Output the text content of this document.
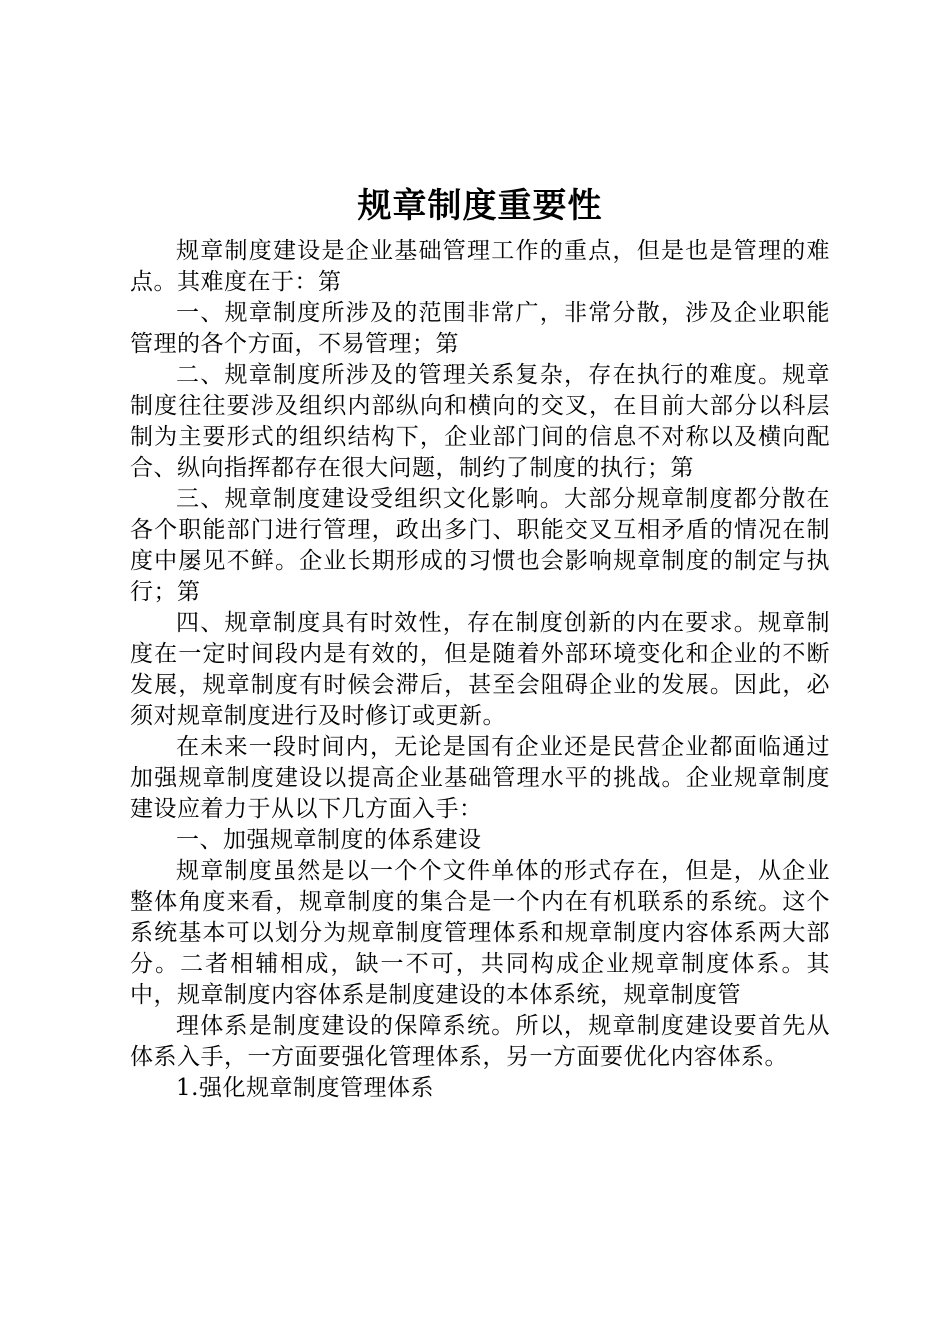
规章制度重要性

规章制度建设是企业基础管理工作的重点，但是也是管理的难点。其难度在于：第

一、规章制度所涉及的范围非常广，非常分散，涉及企业职能管理的各个方面，不易管理；第

二、规章制度所涉及的管理关系复杂，存在执行的难度。规章制度往往要涉及组织内部纵向和横向的交叉，在目前大部分以科层制为主要形式的组织结构下，企业部门间的信息不对称以及横向配合、纵向指挥都存在很大问题，制约了制度的执行；第

三、规章制度建设受组织文化影响。大部分规章制度都分散在各个职能部门进行管理，政出多门、职能交叉互相矛盾的情况在制度中屡见不鲜。企业长期形成的习惯也会影响规章制度的制定与执行；第

四、规章制度具有时效性，存在制度创新的内在要求。规章制度在一定时间段内是有效的，但是随着外部环境变化和企业的不断发展，规章制度有时候会滞后，甚至会阻碍企业的发展。因此，必须对规章制度进行及时修订或更新。

在未来一段时间内，无论是国有企业还是民营企业都面临通过加强规章制度建设以提高企业基础管理水平的挑战。企业规章制度建设应着力于从以下几方面入手：

一、加强规章制度的体系建设

规章制度虽然是以一个个文件单体的形式存在，但是，从企业整体角度来看，规章制度的集合是一个内在有机联系的系统。这个系统基本可以划分为规章制度管理体系和规章制度内容体系两大部分。二者相辅相成，缺一不可，共同构成企业规章制度体系。其中，规章制度内容体系是制度建设的本体系统，规章制度管

理体系是制度建设的保障系统。所以，规章制度建设要首先从体系入手，一方面要强化管理体系，另一方面要优化内容体系。

1.强化规章制度管理体系
